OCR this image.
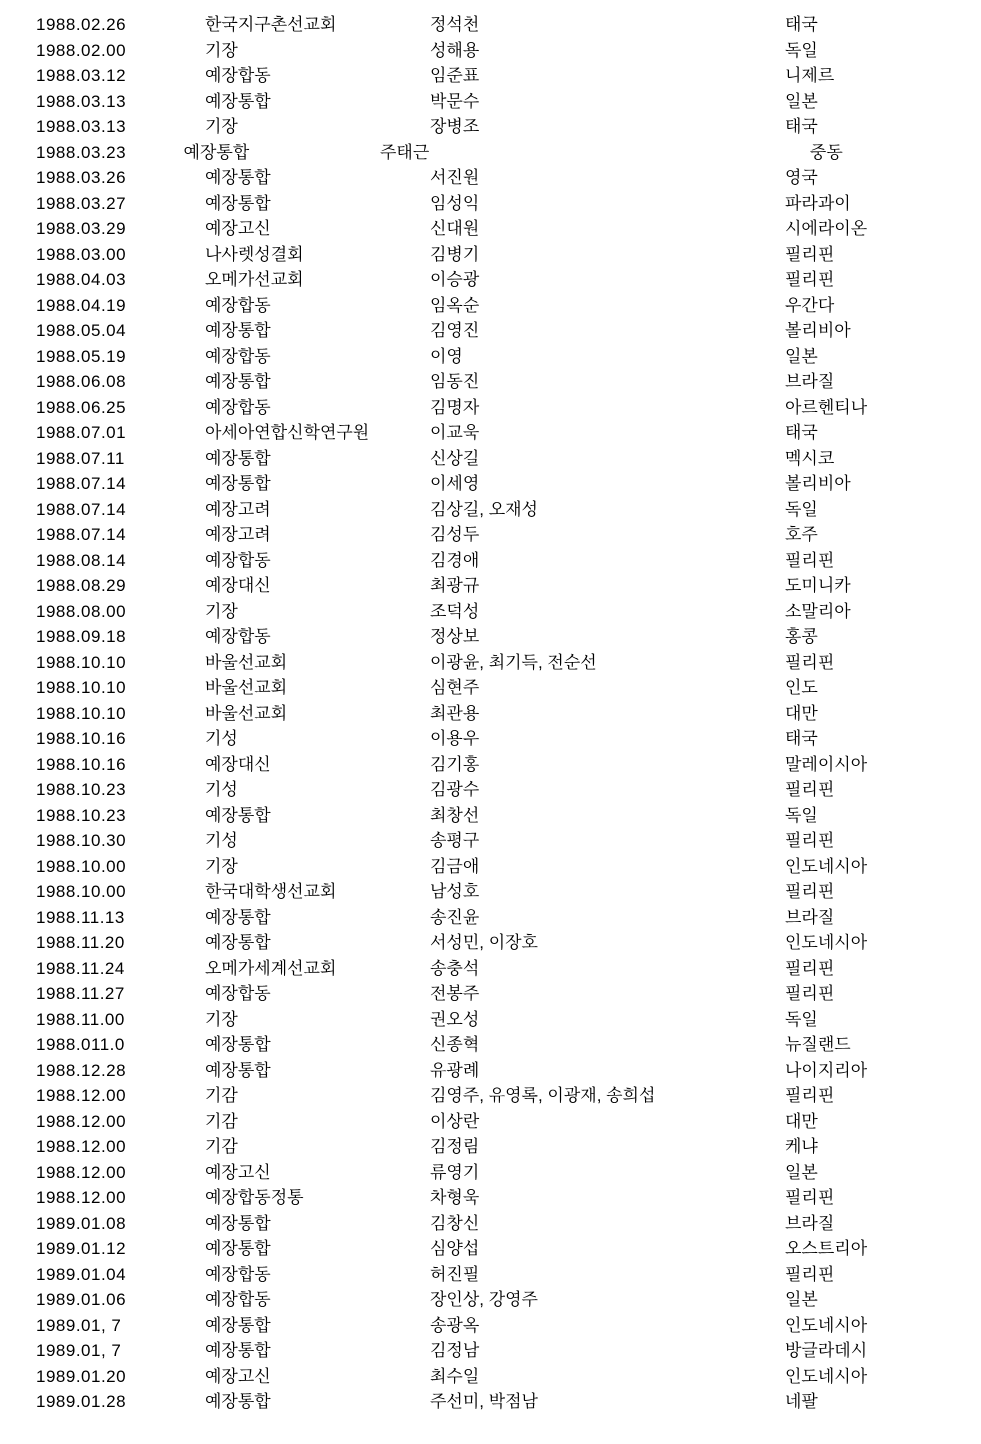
1988.02.26	한국지구촌선교회	정석천	태국
1988.02.00	기장	성해용	독일
1988.03.12	예장합동	임준표	니제르
1988.03.13	예장통합	박문수	일본
1988.03.13	기장	장병조	태국
1988.03.23	예장통합	주태근	중동
1988.03.26	예장통합	서진원	영국
1988.03.27	예장통합	임성익	파라과이
1988.03.29	예장고신	신대원	시에라이온
1988.03.00	나사렛성결회	김병기	필리핀
1988.04.03	오메가선교회	이승광	필리핀
1988.04.19	예장합동	임옥순	우간다
1988.05.04	예장통합	김영진	볼리비아
1988.05.19	예장합동	이영	일본
1988.06.08	예장통합	임동진	브라질
1988.06.25	예장합동	김명자	아르헨티나
1988.07.01	아세아연합신학연구원	이교욱	태국
1988.07.11	예장통합	신상길	멕시코
1988.07.14	예장통합	이세영	볼리비아
1988.07.14	예장고려	김상길, 오재성	독일
1988.07.14	예장고려	김성두	호주
1988.08.14	예장합동	김경애	필리핀
1988.08.29	예장대신	최광규	도미니카
1988.08.00	기장	조덕성	소말리아
1988.09.18	예장합동	정상보	홍콩
1988.10.10	바울선교회	이광윤, 최기득, 전순선	필리핀
1988.10.10	바울선교회	심현주	인도
1988.10.10	바울선교회	최관용	대만
1988.10.16	기성	이용우	태국
1988.10.16	예장대신	김기홍	말레이시아
1988.10.23	기성	김광수	필리핀
1988.10.23	예장통합	최창선	독일
1988.10.30	기성	송평구	필리핀
1988.10.00	기장	김금애	인도네시아
1988.10.00	한국대학생선교회	남성호	필리핀
1988.11.13	예장통합	송진윤	브라질
1988.11.20	예장통합	서성민, 이장호	인도네시아
1988.11.24	오메가세계선교회	송충석	필리핀
1988.11.27	예장합동	전봉주	필리핀
1988.11.00	기장	권오성	독일
1988.011.0	예장통합	신종혁	뉴질랜드
1988.12.28	예장통합	유광례	나이지리아
1988.12.00	기감	김영주, 유영록, 이광재, 송희섭	필리핀
1988.12.00	기감	이상란	대만
1988.12.00	기감	김정림	케냐
1988.12.00	예장고신	류영기	일본
1988.12.00	예장합동정통	차형욱	필리핀
1989.01.08	예장통합	김창신	브라질
1989.01.12	예장통합	심양섭	오스트리아
1989.01.04	예장합동	허진필	필리핀
1989.01.06	예장합동	장인상, 강영주	일본
1989.01, 7	예장통합	송광옥	인도네시아
1989.01, 7	예장통합	김정남	방글라데시
1989.01.20	예장고신	최수일	인도네시아
1989.01.28	예장통합	주선미, 박점남	네팔
